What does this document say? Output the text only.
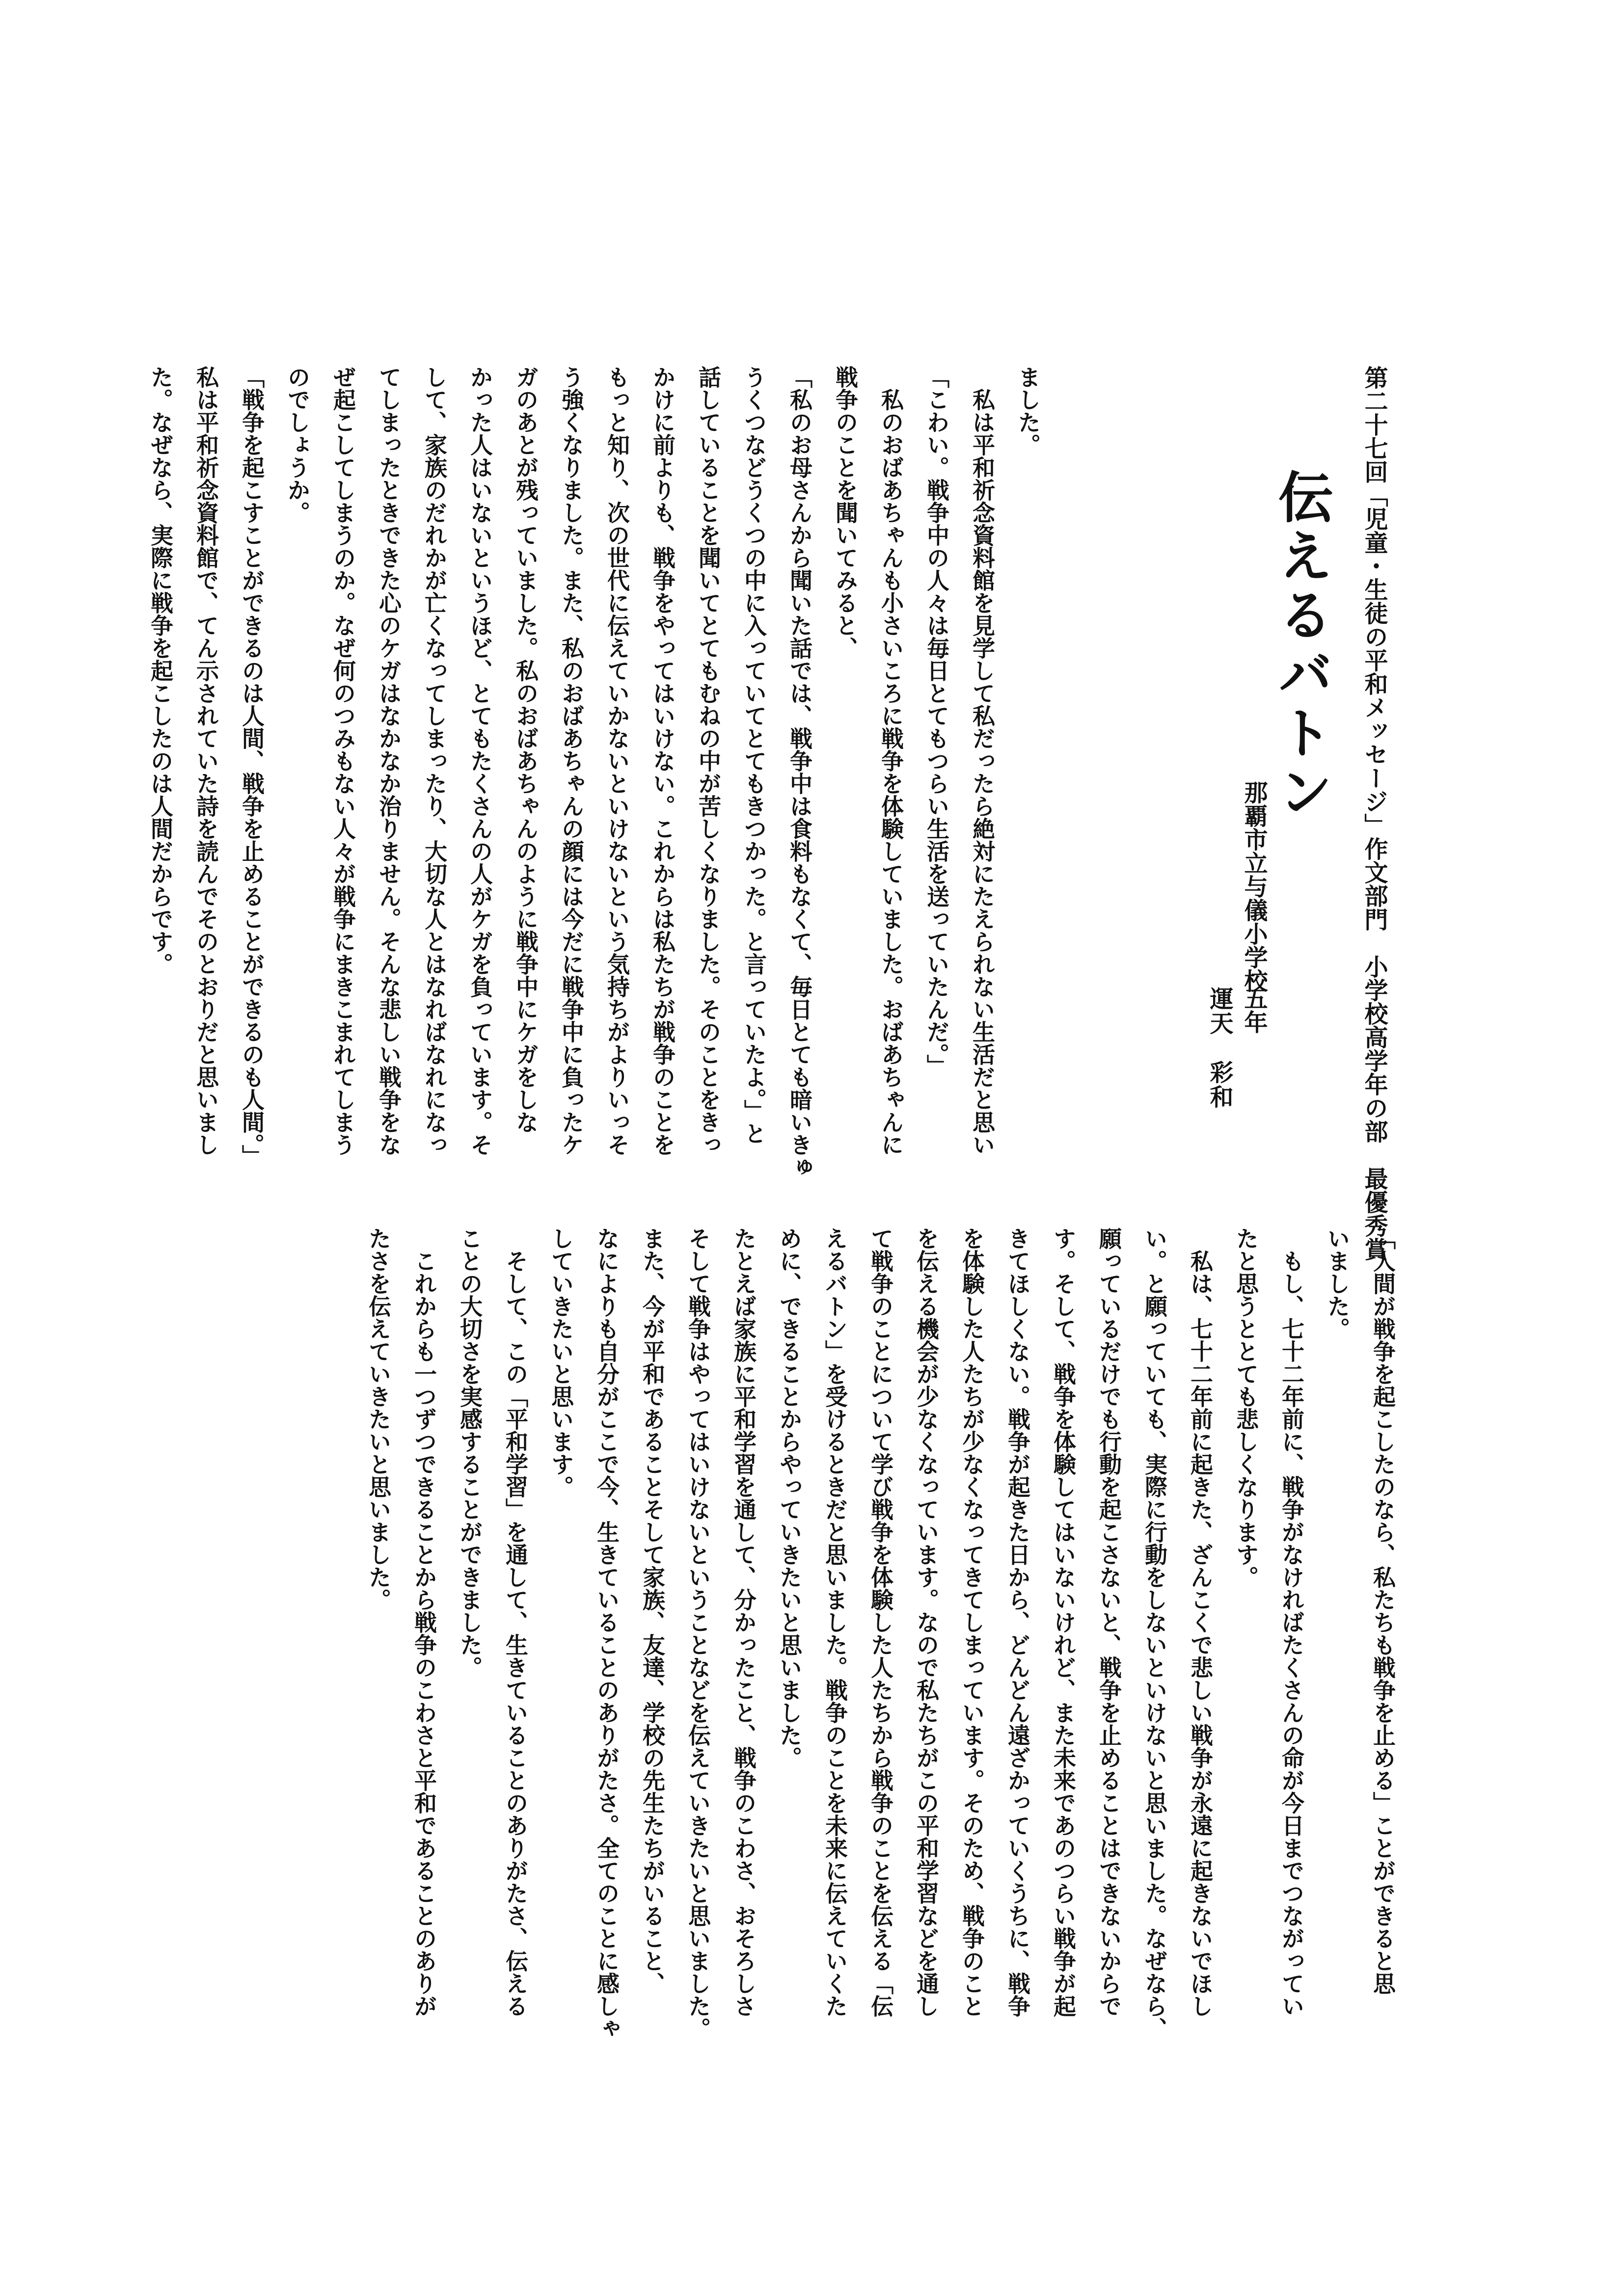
第二十七回「児童・生徒の平和メッセージ」作文部門　小学校高学年の部　最優秀賞
伝えるバトン
那覇市立与儀小学校
五年
運天　彩和
ました。
私は平和祈念資料館を見学して私だったら絶対にたえられない生活だと思い
「こわい。戦争中の人々は毎日とてもつらい生活を送っていたんだ。」
私のおばあちゃんも小さいころに戦争を体験していました。おばあちゃんに
戦争のことを聞いてみると、
「私のお母さんから聞いた話では、戦争中は食料もなくて、毎日とても暗いきゅ
うくつなどうくつの中に入っていてとてもきつかった。と言っていたよ。」と
話していることを聞いてとてもむねの中が苦しくなりました。そのことをきっ
かけに前よりも、戦争をやってはいけない。これからは私たちが戦争のことを
もっと知り、次の世代に伝えていかないといけないという気持ちがよりいっそ
う強くなりました。また、私のおばあちゃんの顔には今だに戦争中に負ったケ
ガのあとが残っていました。私のおばあちゃんのように戦争中にケガをしな
かった人はいないというほど、とてもたくさんの人がケガを負っています。そ
して、家族のだれかが亡くなってしまったり、大切な人とはなればなれになっ
てしまったときできた心のケガはなかなか治りません。そんな悲しい戦争をな
ぜ起こしてしまうのか。なぜ何のつみもない人々が戦争にまきこまれてしまう
のでしょうか。
「戦争を起こすことができるのは人間、戦争を止めることができるのも人間。」
私は平和祈念資料館で、てん示されていた詩を読んでそのとおりだと思いまし
た。なぜなら、実際に戦争を起こしたのは人間だからです。
「人間が戦争を起こしたのなら、私たちも戦争を止める」ことができると思
いました。
もし、七十二年前に、戦争がなければたくさんの命が今日までつながってい
たと思うととても悲しくなります。
私は、七十二年前に起きた、ざんこくで悲しい戦争が永遠に起きないでほし
い。と願っていても、実際に行動をしないといけないと思いました。なぜなら、
願っているだけでも行動を起こさないと、戦争を止めることはできないからで
す。そして、戦争を体験してはいないけれど、また未来であのつらい戦争が起
きてほしくない。戦争が起きた日から、どんどん遠ざかっていくうちに、戦争
を体験した人たちが少なくなってきてしまっています。そのため、戦争のこと
を伝える機会が少なくなっています。なので私たちがこの平和学習などを通し
て戦争のことについて学び戦争を体験した人たちから戦争のことを伝える「伝
えるバトン」を受けるときだと思いました。戦争のことを未来に伝えていくた
めに、できることからやっていきたいと思いました。
たとえば家族に平和学習を通して、分かったこと、戦争のこわさ、おそろしさ
そして戦争はやってはいけないということなどを伝えていきたいと思いました。
また、今が平和であることそして家族、友達、学校の先生たちがいること、
なによりも自分がここで今、生きていることのありがたさ。全てのことに感しゃ
していきたいと思います。
そして、この「平和学習」を通して、生きていることのありがたさ、伝える
ことの大切さを実感することができました。
これからも一つずつできることから戦争のこわさと平和であることのありが
たさを伝えていきたいと思いました。
